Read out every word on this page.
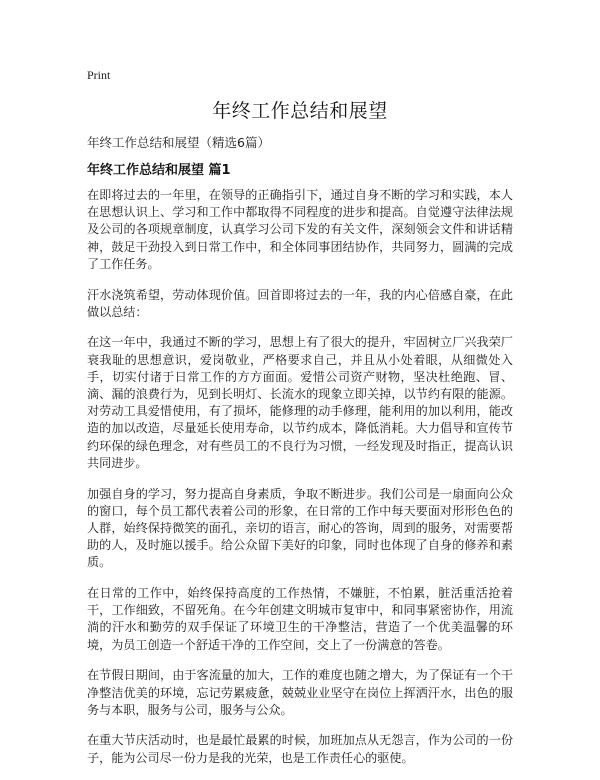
Print
年终工作总结和展望
年终工作总结和展望（精选6篇）
年终工作总结和展望 篇1

在即将过去的一年里，在领导的正确指引下，通过自身不断的学习和实践，本人在思想认识上、学习和工作中都取得不同程度的进步和提高。自觉遵守法律法规及公司的各项规章制度，认真学习公司下发的有关文件，深刻领会文件和讲话精神，鼓足干劲投入到日常工作中，和全体同事团结协作，共同努力，圆满的完成了工作任务。

汗水浇筑希望，劳动体现价值。回首即将过去的一年，我的内心倍感自豪，在此做以总结：

在这一年中，我通过不断的学习，思想上有了很大的提升，牢固树立厂兴我荣厂衰我耻的思想意识，爱岗敬业，严格要求自己，并且从小处着眼，从细微处入手，切实付诸于日常工作的方方面面。爱惜公司资产财物，坚决杜绝跑、冒、滴、漏的浪费行为，见到长明灯、长流水的现象立即关掉，以节约有限的能源。对劳动工具爱惜使用，有了损坏，能修理的动手修理，能利用的加以利用，能改造的加以改造，尽量延长使用寿命，以节约成本，降低消耗。大力倡导和宣传节约环保的绿色理念，对有些员工的不良行为习惯，一经发现及时指正，提高认识共同进步。

加强自身的学习，努力提高自身素质，争取不断进步。我们公司是一扇面向公众的窗口，每个员工都代表着公司的形象，在日常的工作中每天要面对形形色色的人群，始终保持微笑的面孔，亲切的语言，耐心的答询，周到的服务，对需要帮助的人，及时施以援手。给公众留下美好的印象，同时也体现了自身的修养和素质。

在日常的工作中，始终保持高度的工作热情，不嫌脏，不怕累，脏活重活抢着干，工作细致，不留死角。在今年创建文明城市复审中，和同事紧密协作，用流淌的汗水和勤劳的双手保证了环境卫生的干净整洁，营造了一个优美温馨的环境，为员工创造一个舒适干净的工作空间，交上了一份满意的答卷。

在节假日期间，由于客流量的加大，工作的难度也随之增大，为了保证有一个干净整洁优美的环境，忘记劳累疲惫，兢兢业业坚守在岗位上挥洒汗水，出色的服务与本职，服务与公司，服务与公众。

在重大节庆活动时，也是最忙最累的时候，加班加点从无怨言，作为公司的一份子，能为公司尽一份力是我的光荣，也是工作责任心的驱使。
